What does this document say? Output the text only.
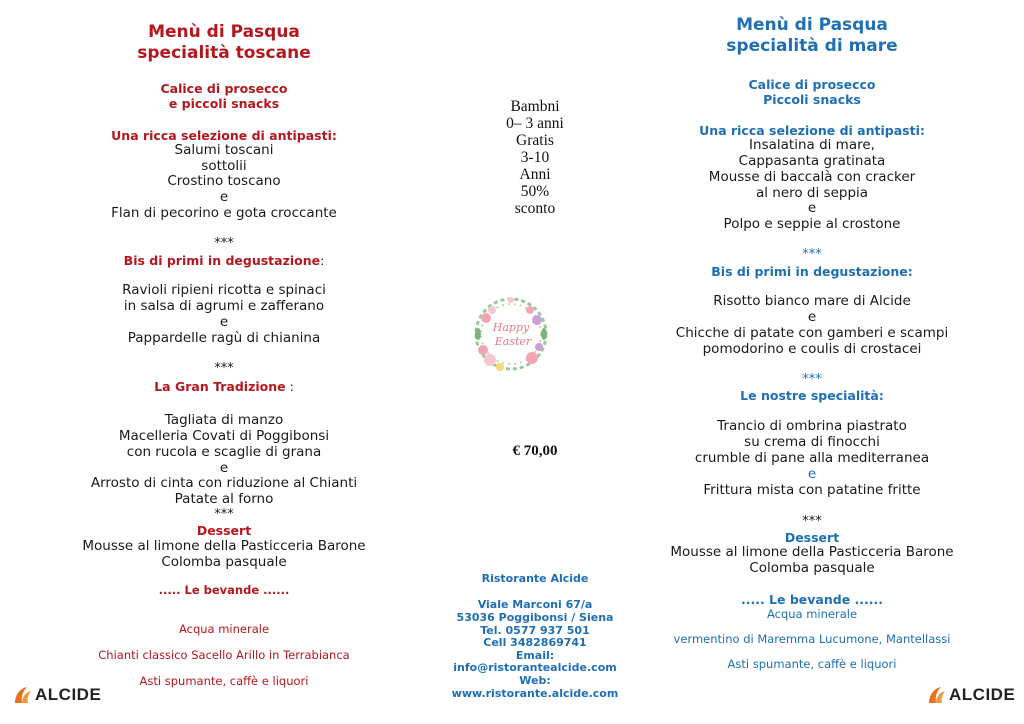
Menù di Pasqua
specialità toscane
Calice di prosecco
e piccoli snacks
Una ricca selezione di antipasti:
Salumi toscani
sottolii
Crostino toscano
e
Flan di pecorino e gota croccante
***
Bis di primi in degustazione:
Ravioli ripieni ricotta e spinaci
in salsa di agrumi e zafferano
e
Pappardelle ragù di chianina
***
La Gran Tradizione :
Tagliata di manzo
Macelleria Covati di Poggibonsi
con rucola e scaglie di grana
e
Arrosto di cinta con riduzione al Chianti
Patate al forno
***
Dessert
Mousse al limone della Pasticceria Barone
Colomba pasquale
..... Le bevande ......
Acqua minerale
Chianti classico Sacello Arillo in Terrabianca
Asti spumante, caffè e liquori
ALCIDE
Bambni
0– 3 anni
Gratis
3-10
Anni
50%
sconto
Happy
Easter
€ 70,00
Ristorante Alcide
Viale Marconi 67/a
53036 Poggibonsi / Siena
Tel. 0577 937 501
Cell 3482869741
Email:
info@ristorantealcide.com
Web:
www.ristorante.alcide.com
Menù di Pasqua
specialità di mare
Calice di prosecco
Piccoli snacks
Una ricca selezione di antipasti:
Insalatina di mare,
Cappasanta gratinata
Mousse di baccalà con cracker
al nero di seppia
e
Polpo e seppie al crostone
***
Bis di primi in degustazione:
Risotto bianco mare di Alcide
e
Chicche di patate con gamberi e scampi
pomodorino e coulis di crostacei
***
Le nostre specialità:
Trancio di ombrina piastrato
su crema di finocchi
crumble di pane alla mediterranea
e
Frittura mista con patatine fritte
***
Dessert
Mousse al limone della Pasticceria Barone
Colomba pasquale
..... Le bevande ......
Acqua minerale
vermentino di Maremma Lucumone, Mantellassi
Asti spumante, caffè e liquori
ALCIDE
